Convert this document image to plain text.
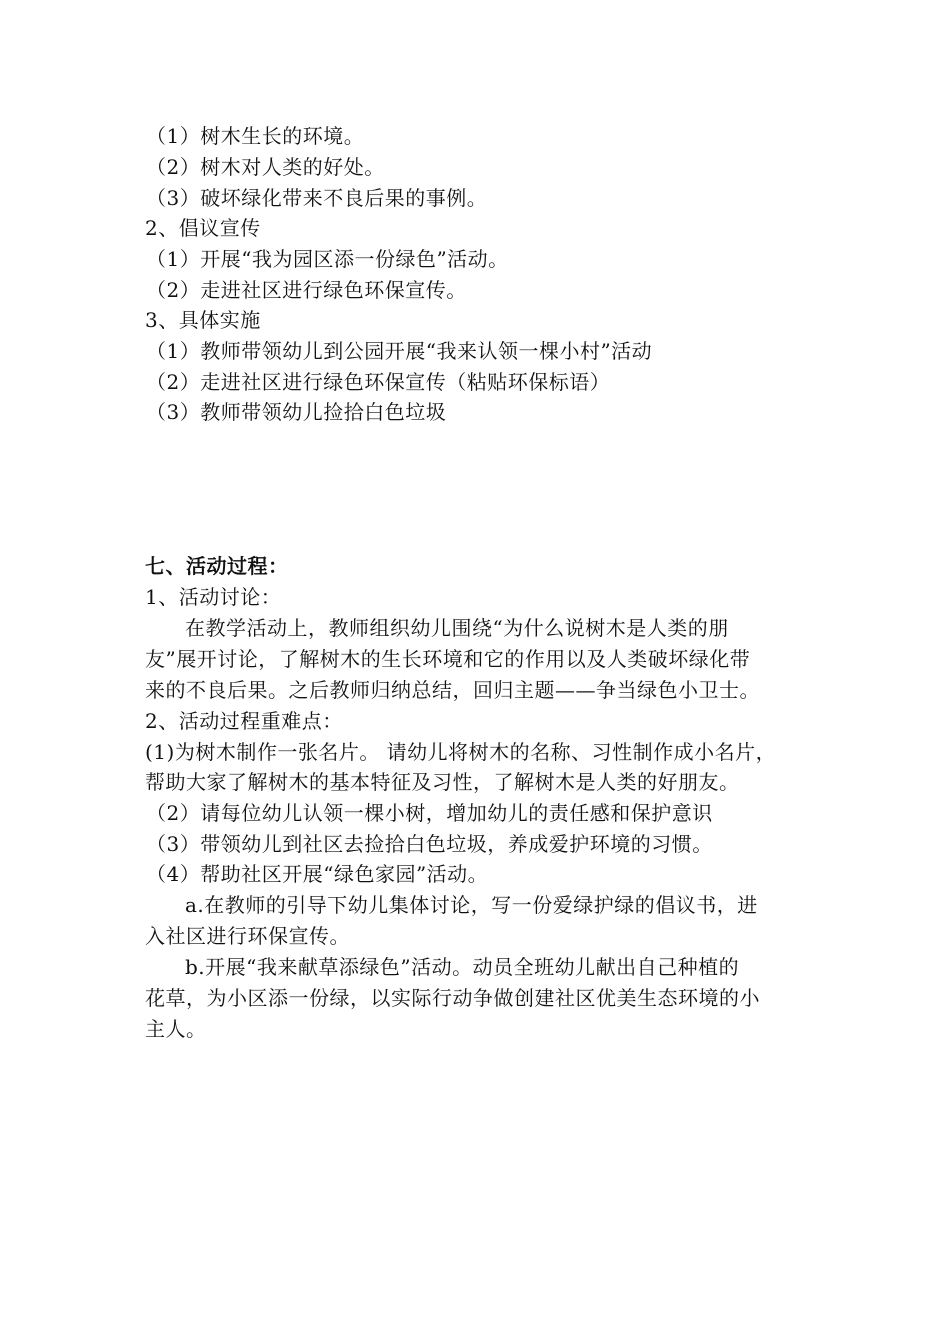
（1）树木生长的环境。
（2）树木对人类的好处。
（3）破坏绿化带来不良后果的事例。
2、倡议宣传
（1）开展“我为园区添一份绿色”活动。
（2）走进社区进行绿色环保宣传。
3、具体实施
（1）教师带领幼儿到公园开展“我来认领一棵小村”活动
（2）走进社区进行绿色环保宣传（粘贴环保标语）
（3）教师带领幼儿捡拾白色垃圾
七、活动过程：
1、活动讨论：
在教学活动上，教师组织幼儿围绕“为什么说树木是人类的朋
友”展开讨论，了解树木的生长环境和它的作用以及人类破坏绿化带
来的不良后果。之后教师归纳总结，回归主题——争当绿色小卫士。
2、活动过程重难点：
(1)为树木制作一张名片。 请幼儿将树木的名称、习性制作成小名片，
帮助大家了解树木的基本特征及习性，了解树木是人类的好朋友。
（2）请每位幼儿认领一棵小树，增加幼儿的责任感和保护意识
（3）带领幼儿到社区去捡拾白色垃圾，养成爱护环境的习惯。
（4）帮助社区开展“绿色家园”活动。
a.在教师的引导下幼儿集体讨论，写一份爱绿护绿的倡议书，进
入社区进行环保宣传。
b.开展“我来献草添绿色”活动。动员全班幼儿献出自己种植的
花草，为小区添一份绿，以实际行动争做创建社区优美生态环境的小
主人。
